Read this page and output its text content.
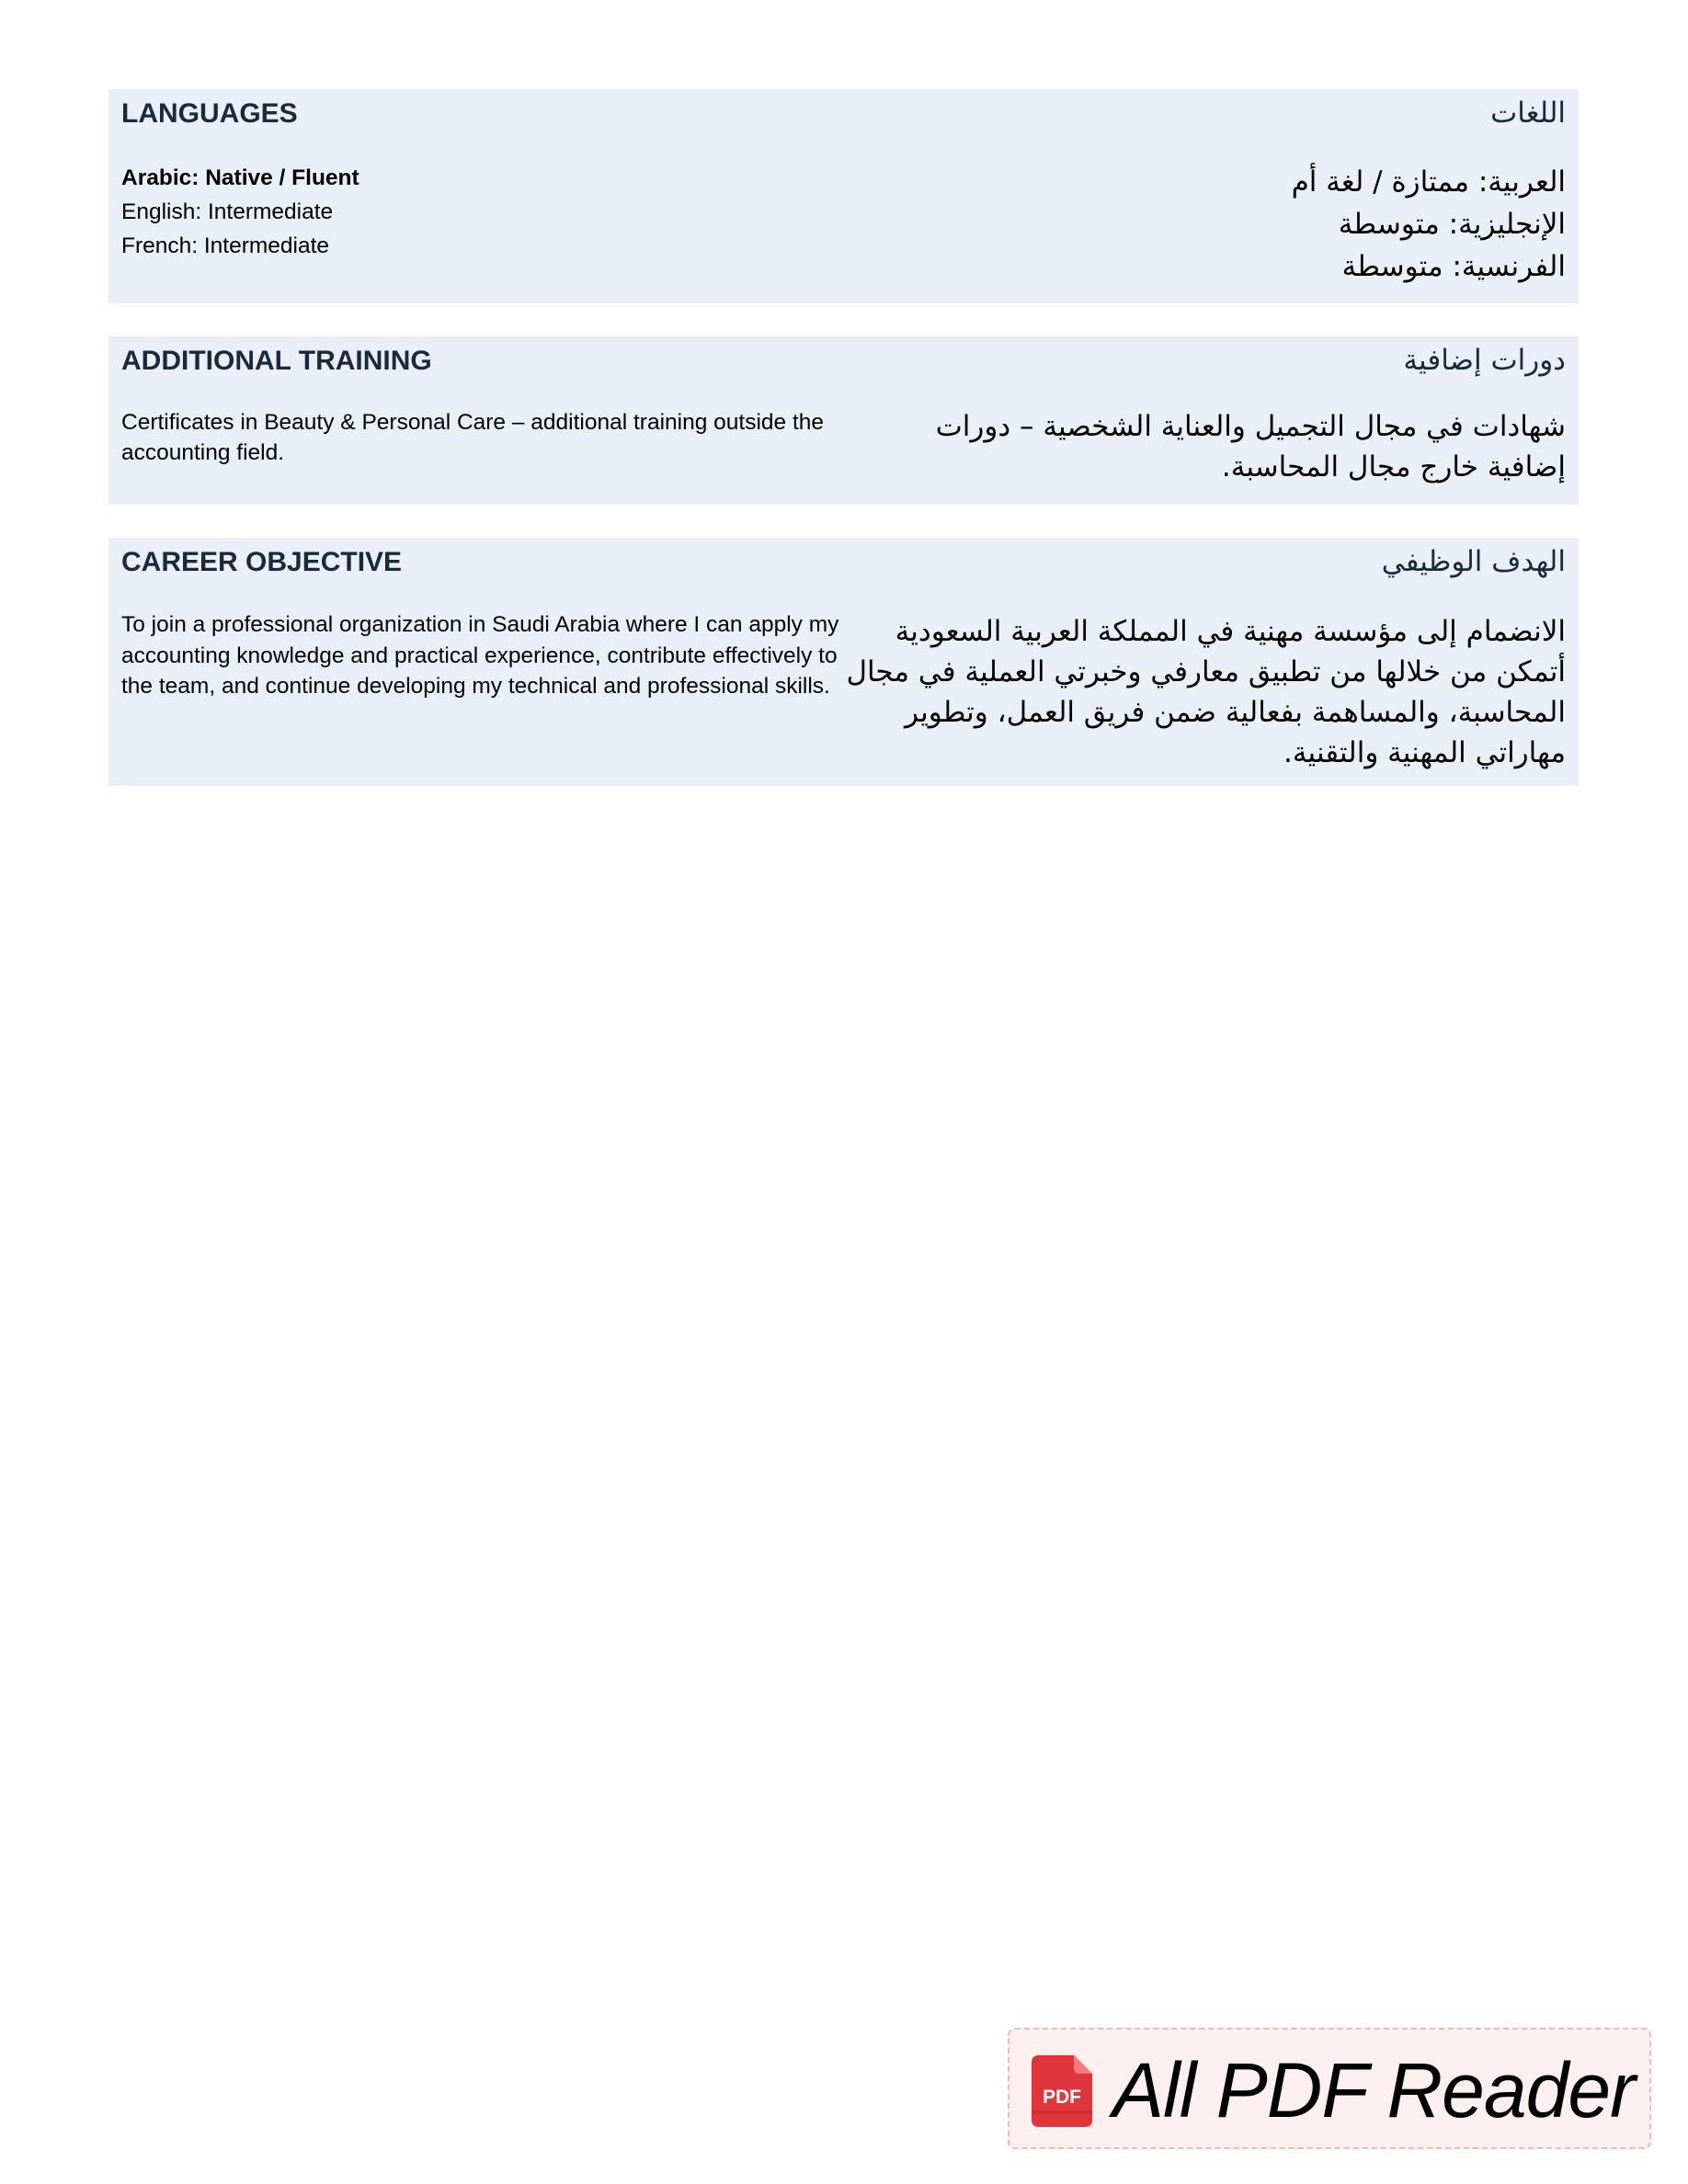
LANGUAGES	اللغات
Arabic: Native / Fluent
English: Intermediate
French: Intermediate
العربية: ممتازة / لغة أم
الإنجليزية: متوسطة
الفرنسية: متوسطة
ADDITIONAL TRAINING	دورات إضافية
Certificates in Beauty & Personal Care – additional training outside the accounting field.
شهادات في مجال التجميل والعناية الشخصية – دورات إضافية خارج مجال المحاسبة.
CAREER OBJECTIVE	الهدف الوظيفي
To join a professional organization in Saudi Arabia where I can apply my accounting knowledge and practical experience, contribute effectively to the team, and continue developing my technical and professional skills.
الانضمام إلى مؤسسة مهنية في المملكة العربية السعودية أتمكن من خلالها من تطبيق معارفي وخبرتي العملية في مجال المحاسبة، والمساهمة بفعالية ضمن فريق العمل، وتطوير مهاراتي المهنية والتقنية.
PDF All PDF Reader
